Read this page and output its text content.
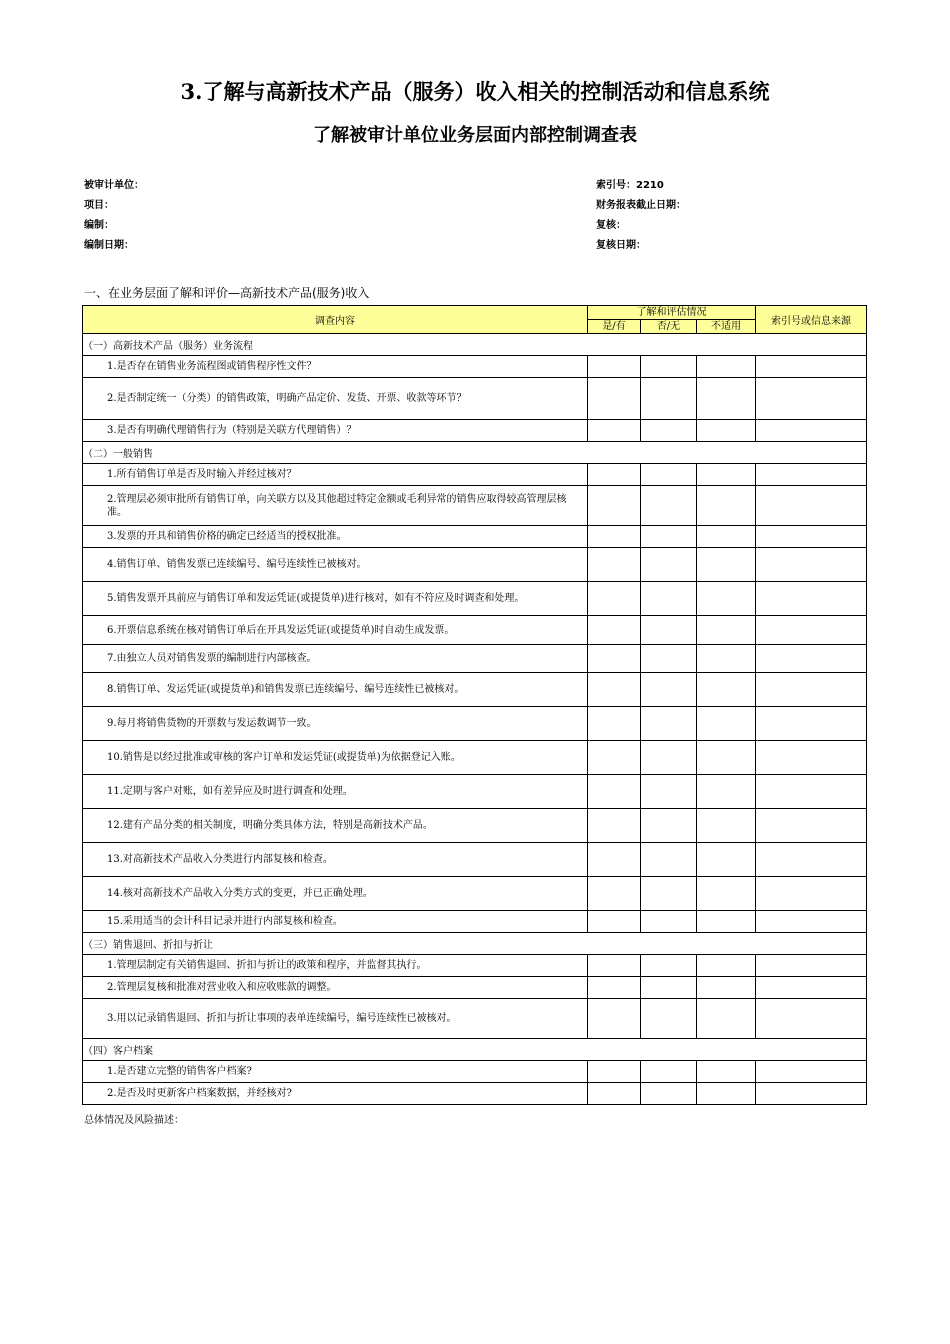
3.了解与高新技术产品（服务）收入相关的控制活动和信息系统
了解被审计单位业务层面内部控制调查表
被审计单位：
项目：
编制：
编制日期：
索引号：2210
财务报表截止日期：
复核：
复核日期：
一、在业务层面了解和评价—高新技术产品(服务)收入
调查内容	了解和评估情况			索引号或信息来源
	是/有	否/无	不适用	
（一）高新技术产品（服务）业务流程				
1.是否存在销售业务流程图或销售程序性文件？				
2.是否制定统一（分类）的销售政策，明确产品定价、发货、开票、收款等环节？				
3.是否有明确代理销售行为（特别是关联方代理销售）？				
（二）一般销售				
1.所有销售订单是否及时输入并经过核对？				
2.管理层必须审批所有销售订单，向关联方以及其他超过特定金额或毛利异常的销售应取得较高管理层核准。				
3.发票的开具和销售价格的确定已经适当的授权批准。				
4.销售订单、销售发票已连续编号、编号连续性已被核对。				
5.销售发票开具前应与销售订单和发运凭证(或提货单)进行核对，如有不符应及时调查和处理。				
6.开票信息系统在核对销售订单后在开具发运凭证(或提货单)时自动生成发票。				
7.由独立人员对销售发票的编制进行内部核查。				
8.销售订单、发运凭证(或提货单)和销售发票已连续编号、编号连续性已被核对。				
9.每月将销售货物的开票数与发运数调节一致。				
10.销售是以经过批准或审核的客户订单和发运凭证(或提货单)为依据登记入账。				
11.定期与客户对账，如有差异应及时进行调查和处理。				
12.建有产品分类的相关制度，明确分类具体方法，特别是高新技术产品。				
13.对高新技术产品收入分类进行内部复核和检查。				
14.核对高新技术产品收入分类方式的变更，并已正确处理。				
15.采用适当的会计科目记录并进行内部复核和检查。				
（三）销售退回、折扣与折让				
1.管理层制定有关销售退回、折扣与折让的政策和程序，并监督其执行。				
2.管理层复核和批准对营业收入和应收账款的调整。				
3.用以记录销售退回、折扣与折让事项的表单连续编号，编号连续性已被核对。				
（四）客户档案				
1.是否建立完整的销售客户档案?				
2.是否及时更新客户档案数据，并经核对?				
总体情况及风险描述：
